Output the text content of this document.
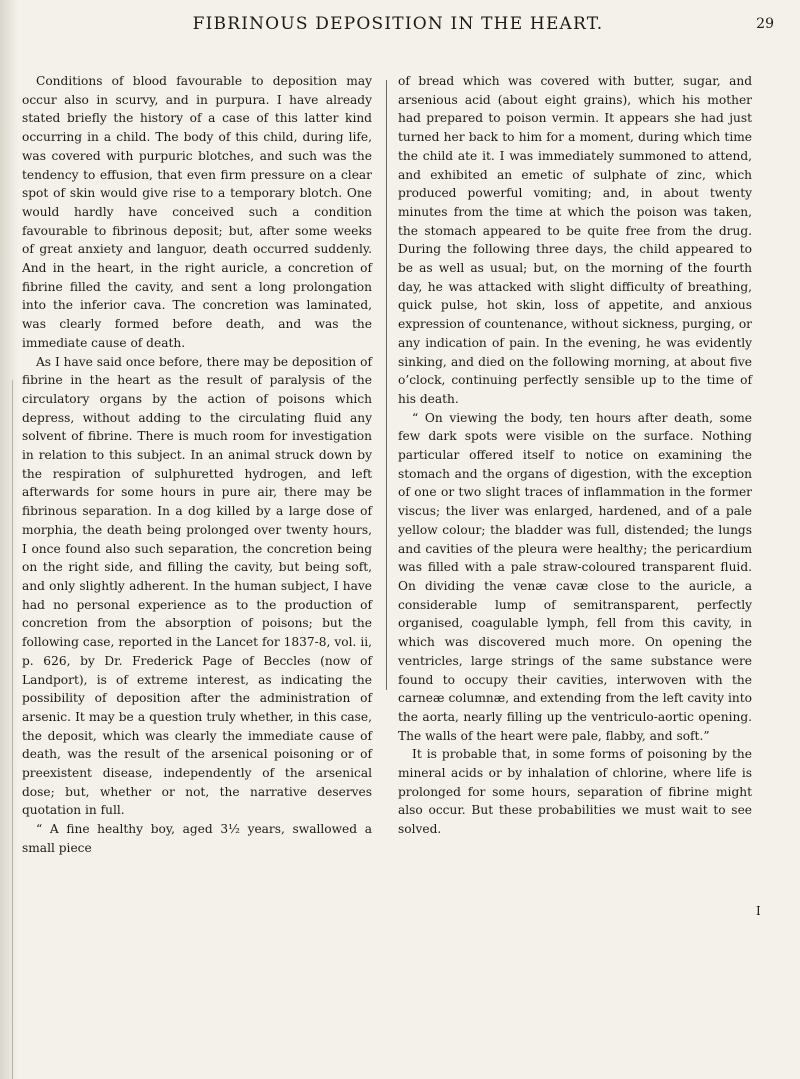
FIBRINOUS DEPOSITION IN THE HEART.	29

Conditions of blood favourable to deposition may occur also in scurvy, and in purpura. I have already stated briefly the history of a case of this latter kind occurring in a child. The body of this child, during life, was covered with purpuric blotches, and such was the tendency to effusion, that even firm pressure on a clear spot of skin would give rise to a temporary blotch. One would hardly have conceived such a condition favourable to fibrinous deposit; but, after some weeks of great anxiety and languor, death occurred suddenly. And in the heart, in the right auricle, a concretion of fibrine filled the cavity, and sent a long prolongation into the inferior cava. The concretion was laminated, was clearly formed before death, and was the immediate cause of death.

As I have said once before, there may be deposition of fibrine in the heart as the result of paralysis of the circulatory organs by the action of poisons which depress, without adding to the circulating fluid any solvent of fibrine. There is much room for investigation in relation to this subject. In an animal struck down by the respiration of sulphuretted hydrogen, and left afterwards for some hours in pure air, there may be fibrinous separation. In a dog killed by a large dose of morphia, the death being prolonged over twenty hours, I once found also such separation, the concretion being on the right side, and filling the cavity, but being soft, and only slightly adherent. In the human subject, I have had no personal experience as to the production of concretion from the absorption of poisons; but the following case, reported in the Lancet for 1837-8, vol. ii, p. 626, by Dr. Frederick Page of Beccles (now of Landport), is of extreme interest, as indicating the possibility of deposition after the administration of arsenic. It may be a question truly whether, in this case, the deposit, which was clearly the immediate cause of death, was the result of the arsenical poisoning or of preexistent disease, independently of the arsenical dose; but, whether or not, the narrative deserves quotation in full.

“ A fine healthy boy, aged 3½ years, swallowed a small piece

of bread which was covered with butter, sugar, and arsenious acid (about eight grains), which his mother had prepared to poison vermin. It appears she had just turned her back to him for a moment, during which time the child ate it. I was immediately summoned to attend, and exhibited an emetic of sulphate of zinc, which produced powerful vomiting; and, in about twenty minutes from the time at which the poison was taken, the stomach appeared to be quite free from the drug. During the following three days, the child appeared to be as well as usual; but, on the morning of the fourth day, he was attacked with slight difficulty of breathing, quick pulse, hot skin, loss of appetite, and anxious expression of countenance, without sickness, purging, or any indication of pain. In the evening, he was evidently sinking, and died on the following morning, at about five o’clock, continuing perfectly sensible up to the time of his death.

“ On viewing the body, ten hours after death, some few dark spots were visible on the surface. Nothing particular offered itself to notice on examining the stomach and the organs of digestion, with the exception of one or two slight traces of inflammation in the former viscus; the liver was enlarged, hardened, and of a pale yellow colour; the bladder was full, distended; the lungs and cavities of the pleura were healthy; the pericardium was filled with a pale straw-coloured transparent fluid. On dividing the venæ cavæ close to the auricle, a considerable lump of semitransparent, perfectly organised, coagulable lymph, fell from this cavity, in which was discovered much more. On opening the ventricles, large strings of the same substance were found to occupy their cavities, interwoven with the carneæ columnæ, and extending from the left cavity into the aorta, nearly filling up the ventriculo-aortic opening. The walls of the heart were pale, flabby, and soft.”

It is probable that, in some forms of poisoning by the mineral acids or by inhalation of chlorine, where life is prolonged for some hours, separation of fibrine might also occur. But these probabilities we must wait to see solved.

I
